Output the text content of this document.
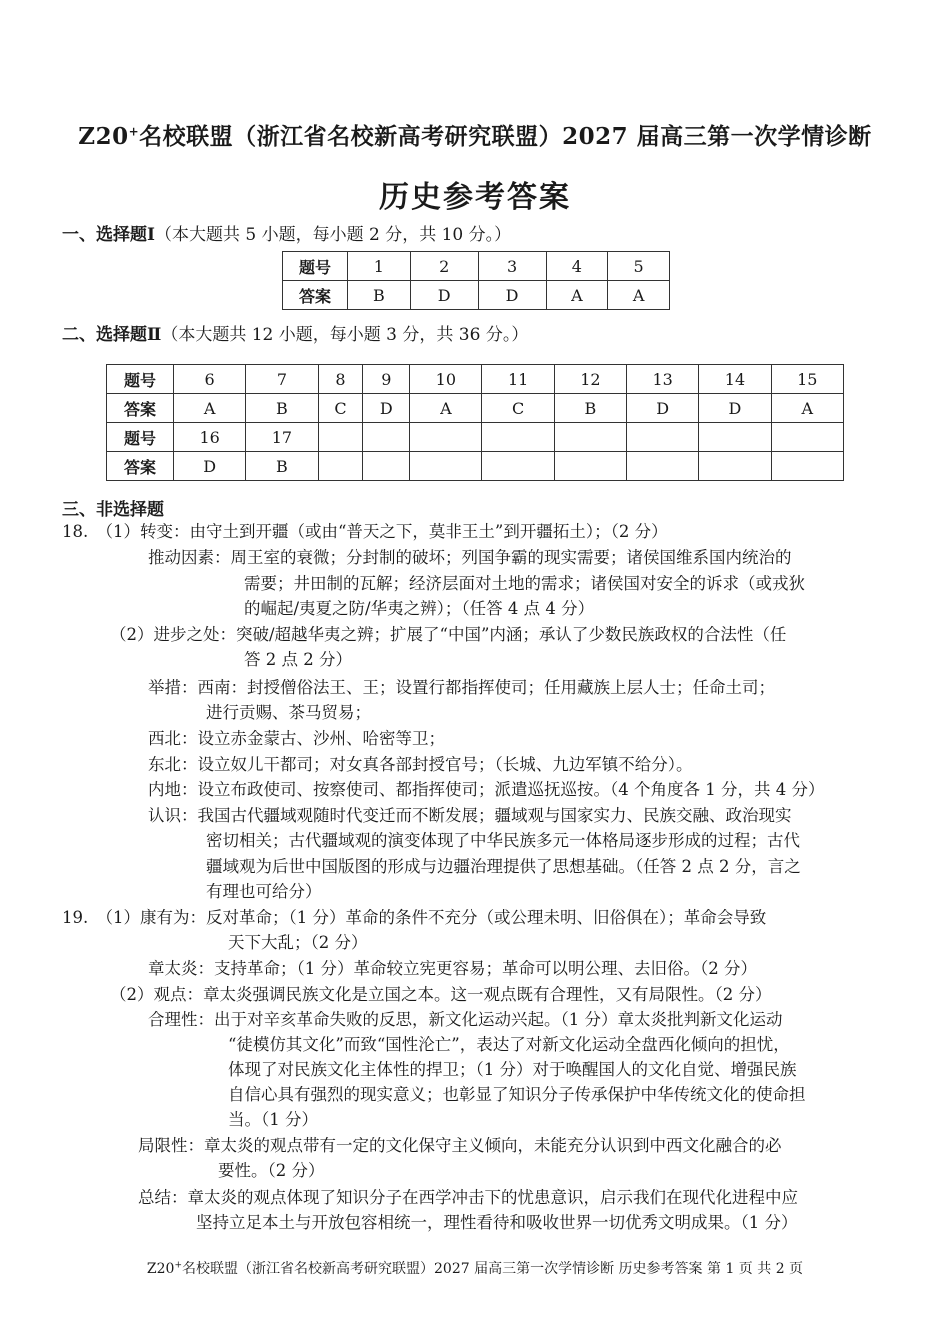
Z20+名校联盟（浙江省名校新高考研究联盟）2027 届高三第一次学情诊断
历史参考答案
一、选择题Ⅰ（本大题共 5 小题，每小题 2 分，共 10 分。）
题号	1	2	3	4	5
答案	B	D	D	A	A
二、选择题Ⅱ（本大题共 12 小题，每小题 3 分，共 36 分。）
题号	6	7	8	9	10	11	12	13	14	15
答案	A	B	C	D	A	C	B	D	D	A
题号	16	17								
答案	D	B								
三、非选择题
18.　（1）转变：由守土到开疆（或由“普天之下，莫非王土”到开疆拓土）；（2 分）
推动因素：周王室的衰微；分封制的破坏；列国争霸的现实需要；诸侯国维系国内统治的
需要；井田制的瓦解；经济层面对土地的需求；诸侯国对安全的诉求（或戎狄
的崛起/夷夏之防/华夷之辨）；（任答 4 点 4 分）
（2）进步之处：突破/超越华夷之辨；扩展了“中国”内涵；承认了少数民族政权的合法性（任
答 2 点 2 分）
举措：西南：封授僧俗法王、王；设置行都指挥使司；任用藏族上层人士；任命土司；
进行贡赐、茶马贸易；
西北：设立赤金蒙古、沙州、哈密等卫；
东北：设立奴儿干都司；对女真各部封授官号；（长城、九边军镇不给分）。
内地：设立布政使司、按察使司、都指挥使司；派遣巡抚巡按。（4 个角度各 1 分，共 4 分）
认识：我国古代疆域观随时代变迁而不断发展；疆域观与国家实力、民族交融、政治现实
密切相关；古代疆域观的演变体现了中华民族多元一体格局逐步形成的过程；古代
疆域观为后世中国版图的形成与边疆治理提供了思想基础。（任答 2 点 2 分，言之
有理也可给分）
19.　（1）康有为：反对革命；（1 分）革命的条件不充分（或公理未明、旧俗俱在）；革命会导致
天下大乱；（2 分）
章太炎：支持革命；（1 分）革命较立宪更容易；革命可以明公理、去旧俗。（2 分）
（2）观点：章太炎强调民族文化是立国之本。这一观点既有合理性，又有局限性。（2 分）
合理性：出于对辛亥革命失败的反思，新文化运动兴起。（1 分）章太炎批判新文化运动
“徒模仿其文化”而致“国性沦亡”，表达了对新文化运动全盘西化倾向的担忧，
体现了对民族文化主体性的捍卫；（1 分）对于唤醒国人的文化自觉、增强民族
自信心具有强烈的现实意义；也彰显了知识分子传承保护中华传统文化的使命担
当。（1 分）
局限性：章太炎的观点带有一定的文化保守主义倾向，未能充分认识到中西文化融合的必
要性。（2 分）
总结：章太炎的观点体现了知识分子在西学冲击下的忧患意识，启示我们在现代化进程中应
坚持立足本土与开放包容相统一，理性看待和吸收世界一切优秀文明成果。（1 分）
Z20+名校联盟（浙江省名校新高考研究联盟）2027 届高三第一次学情诊断 历史参考答案 第 1 页 共 2 页
